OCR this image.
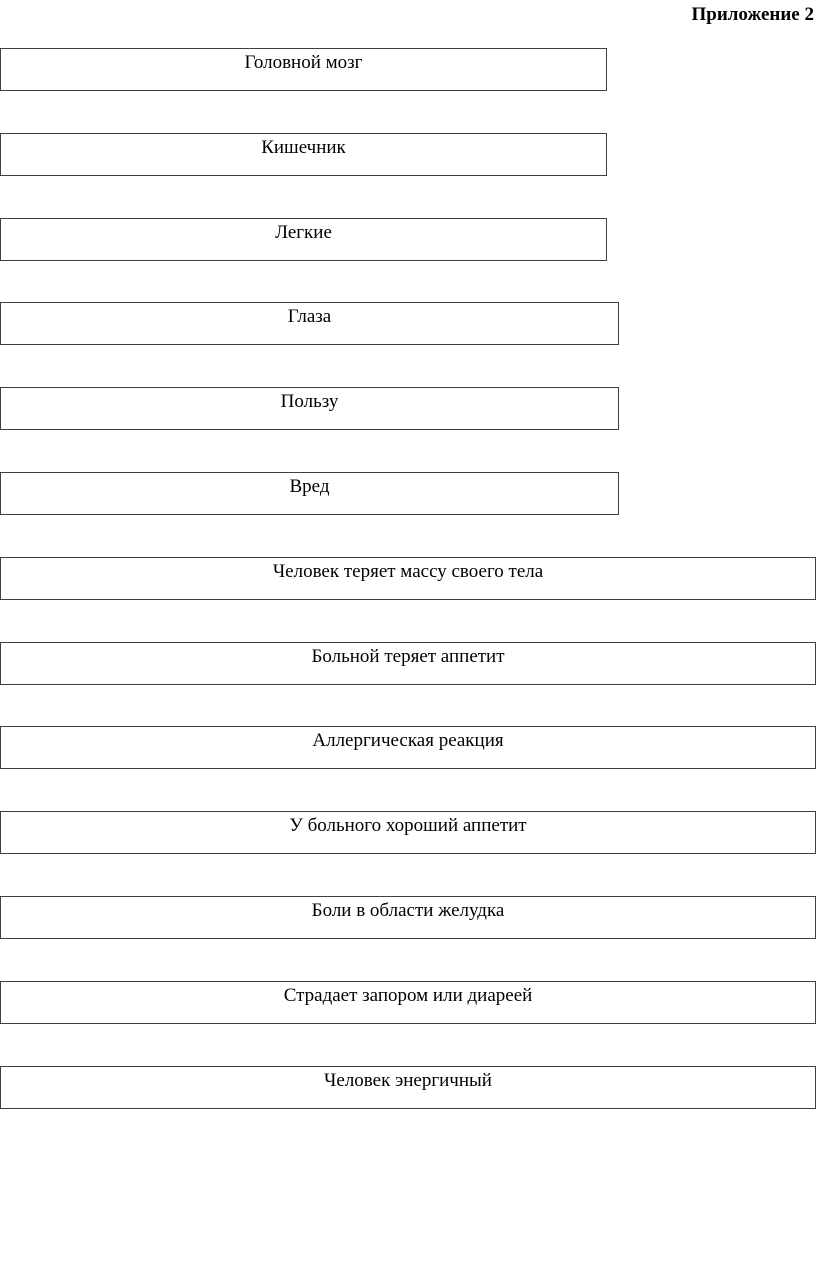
Приложение 2
Головной мозг
Кишечник
Легкие
Глаза
Пользу
Вред
Человек теряет массу своего тела
Больной теряет аппетит
Аллергическая реакция
У больного хороший аппетит
Боли в области желудка
Страдает запором или диареей
Человек энергичный
